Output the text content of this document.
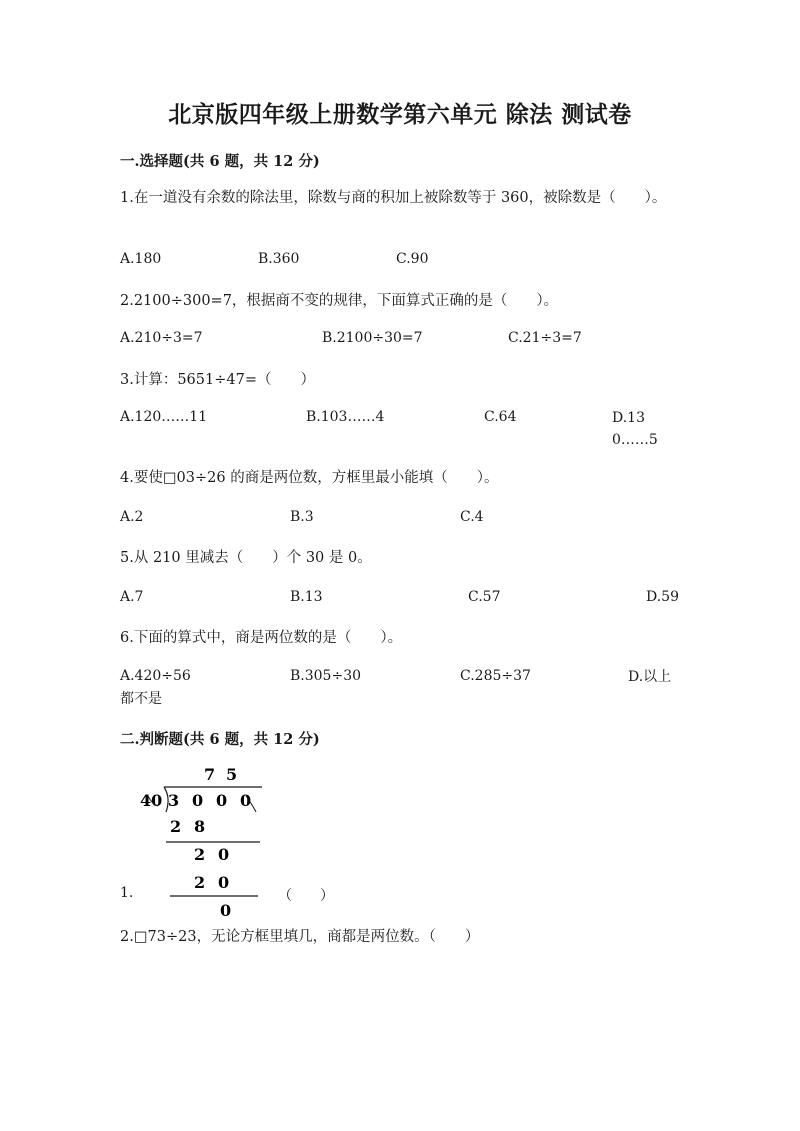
北京版四年级上册数学第六单元 除法 测试卷
一.选择题(共 6 题，共 12 分)
1.在一道没有余数的除法里，除数与商的积加上被除数等于 360，被除数是（　　）。
A.180	B.360	C.90
2.2100÷300=7，根据商不变的规律，下面算式正确的是（　　）。
A.210÷3=7	B.2100÷30=7	C.21÷3=7
3.计算：5651÷47=（　　）
A.120……11	B.103……4	C.64	D.130……5
4.要使□03÷26 的商是两位数，方框里最小能填（　　）。
A.2	B.3	C.4
5.从 210 里减去（　　）个 30 是 0。
A.7	B.13	C.57	D.59
6.下面的算式中，商是两位数的是（　　）。
A.420÷56	B.305÷30	C.285÷37	D.以上都不是
二.判断题(共 6 题，共 12 分)
7 5
40 3 0 0 0
2 8
2 0
2 0
0
1.	（　　）
2.□73÷23，无论方框里填几，商都是两位数。（　　）
